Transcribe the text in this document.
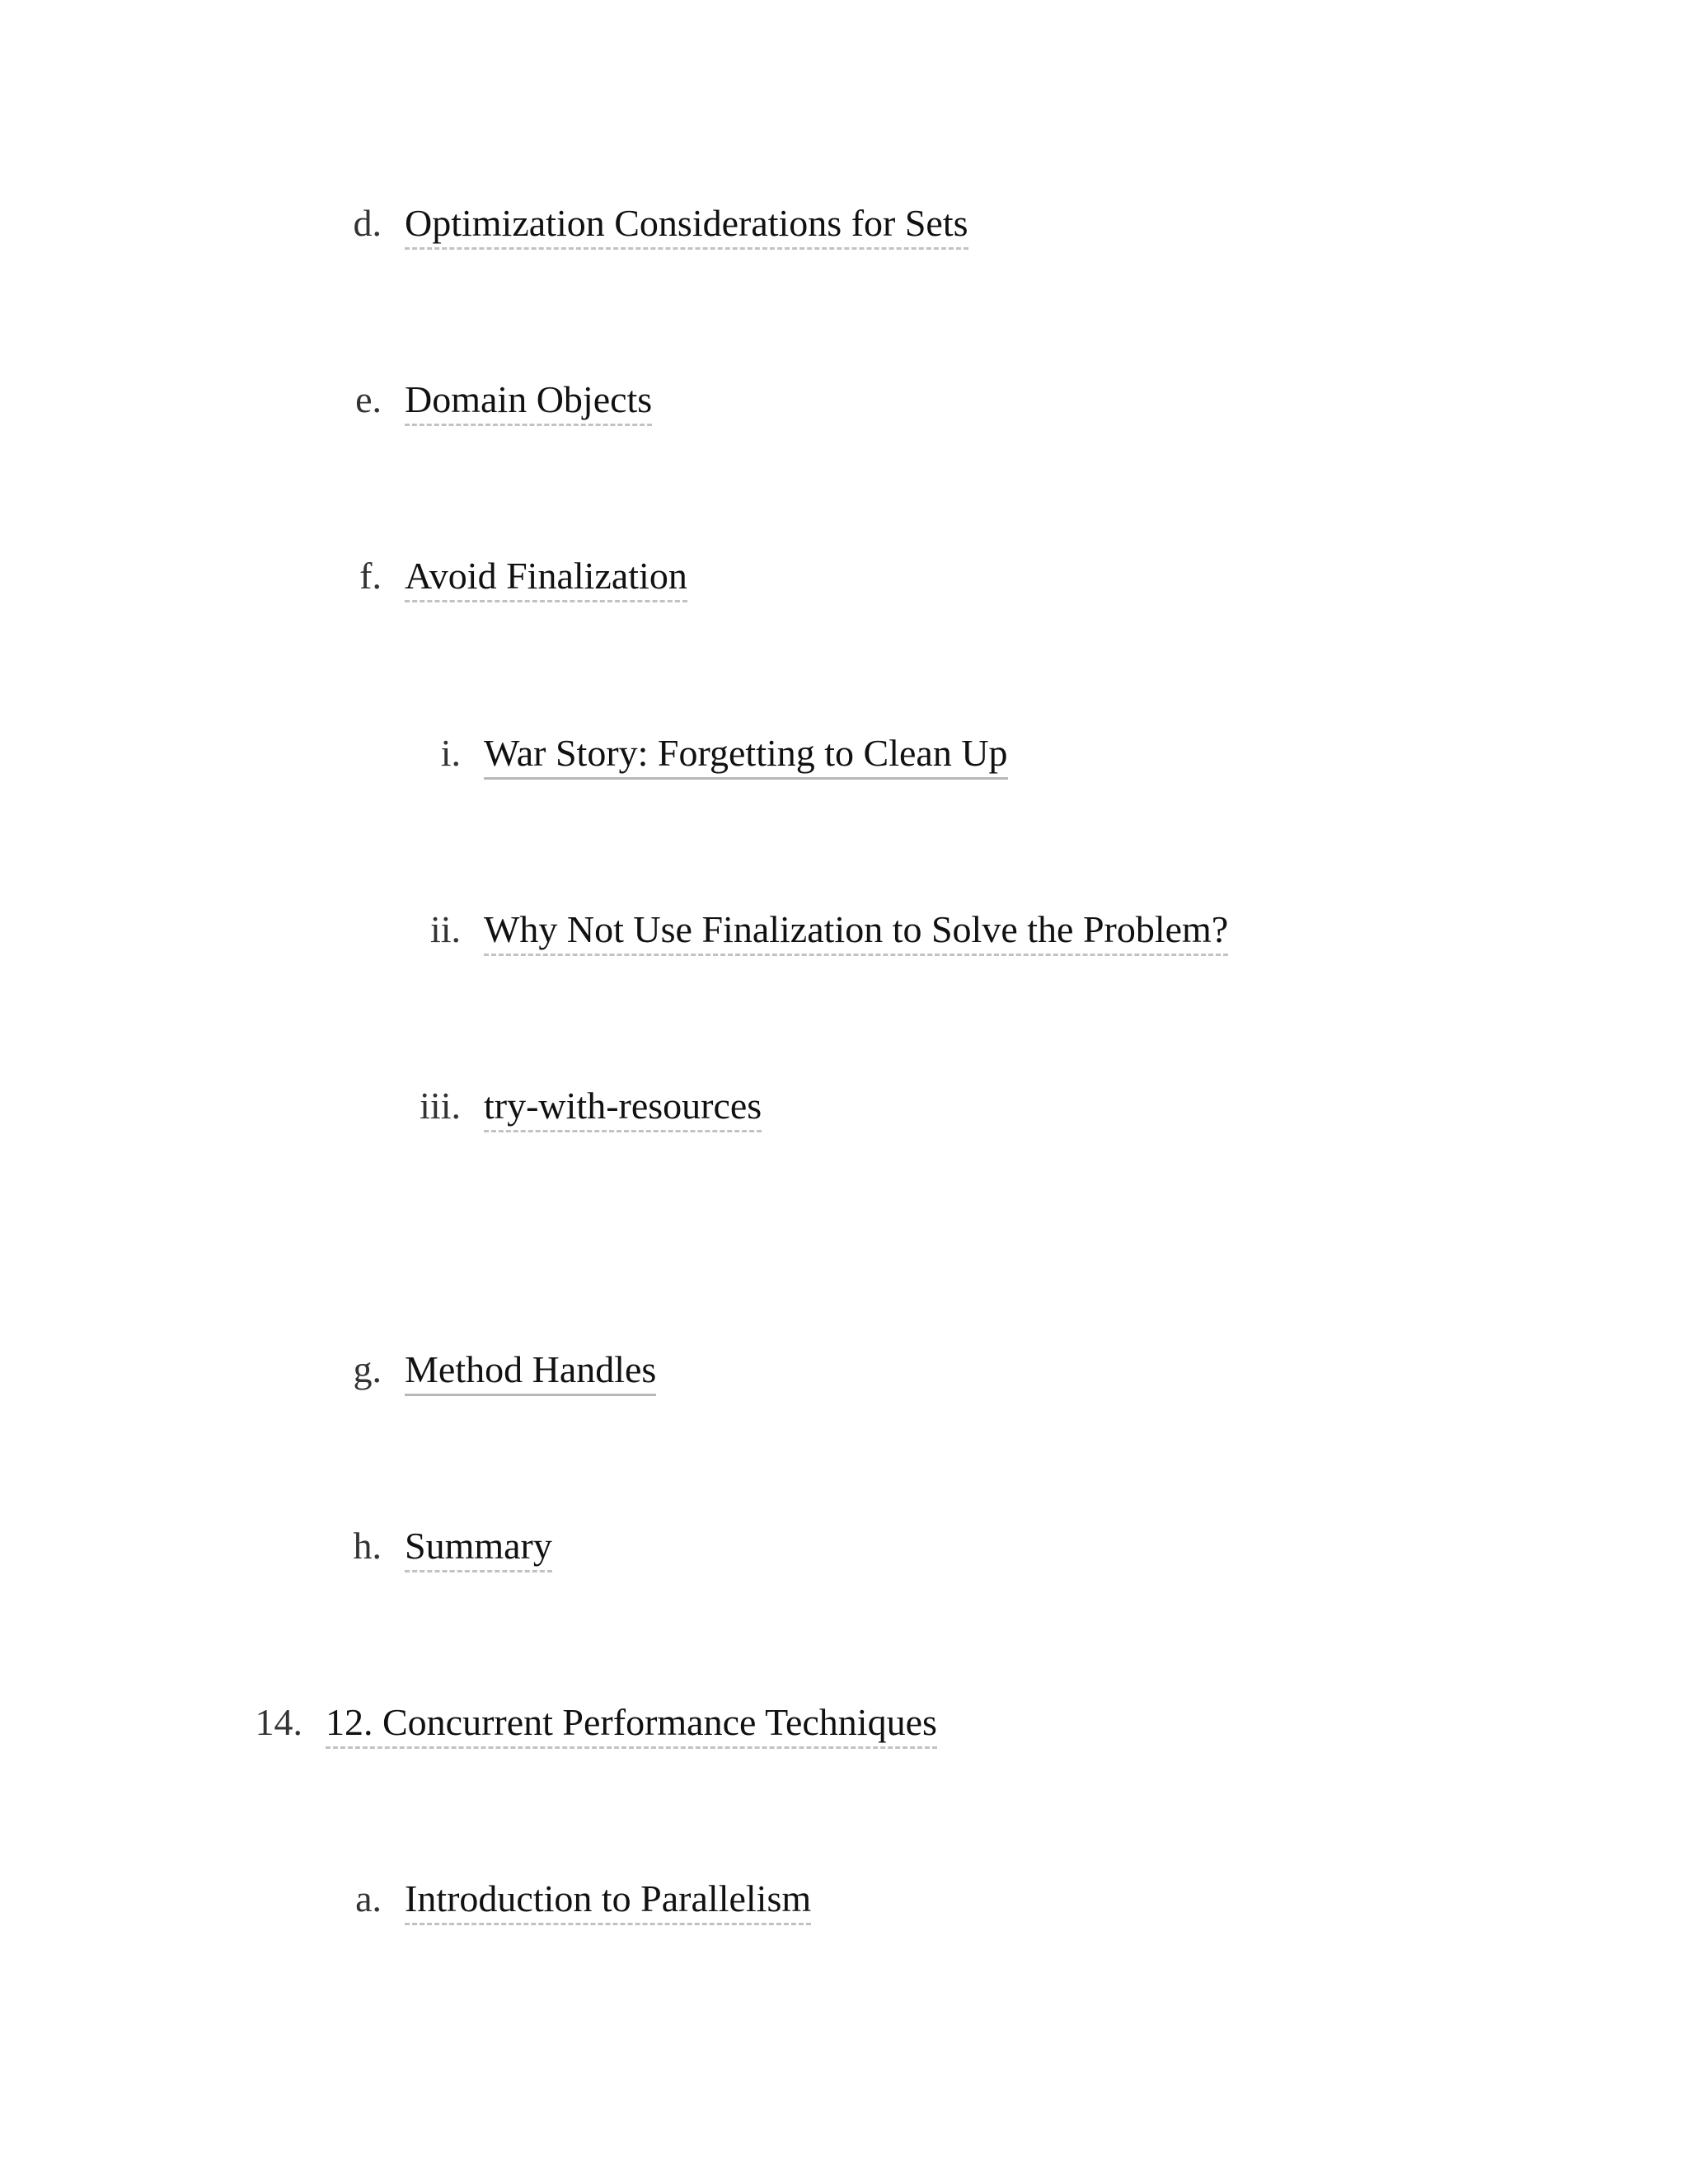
d. Optimization Considerations for Sets
e. Domain Objects
f. Avoid Finalization
i. War Story: Forgetting to Clean Up
ii. Why Not Use Finalization to Solve the Problem?
iii. try-with-resources
g. Method Handles
h. Summary
14. 12. Concurrent Performance Techniques
a. Introduction to Parallelism
